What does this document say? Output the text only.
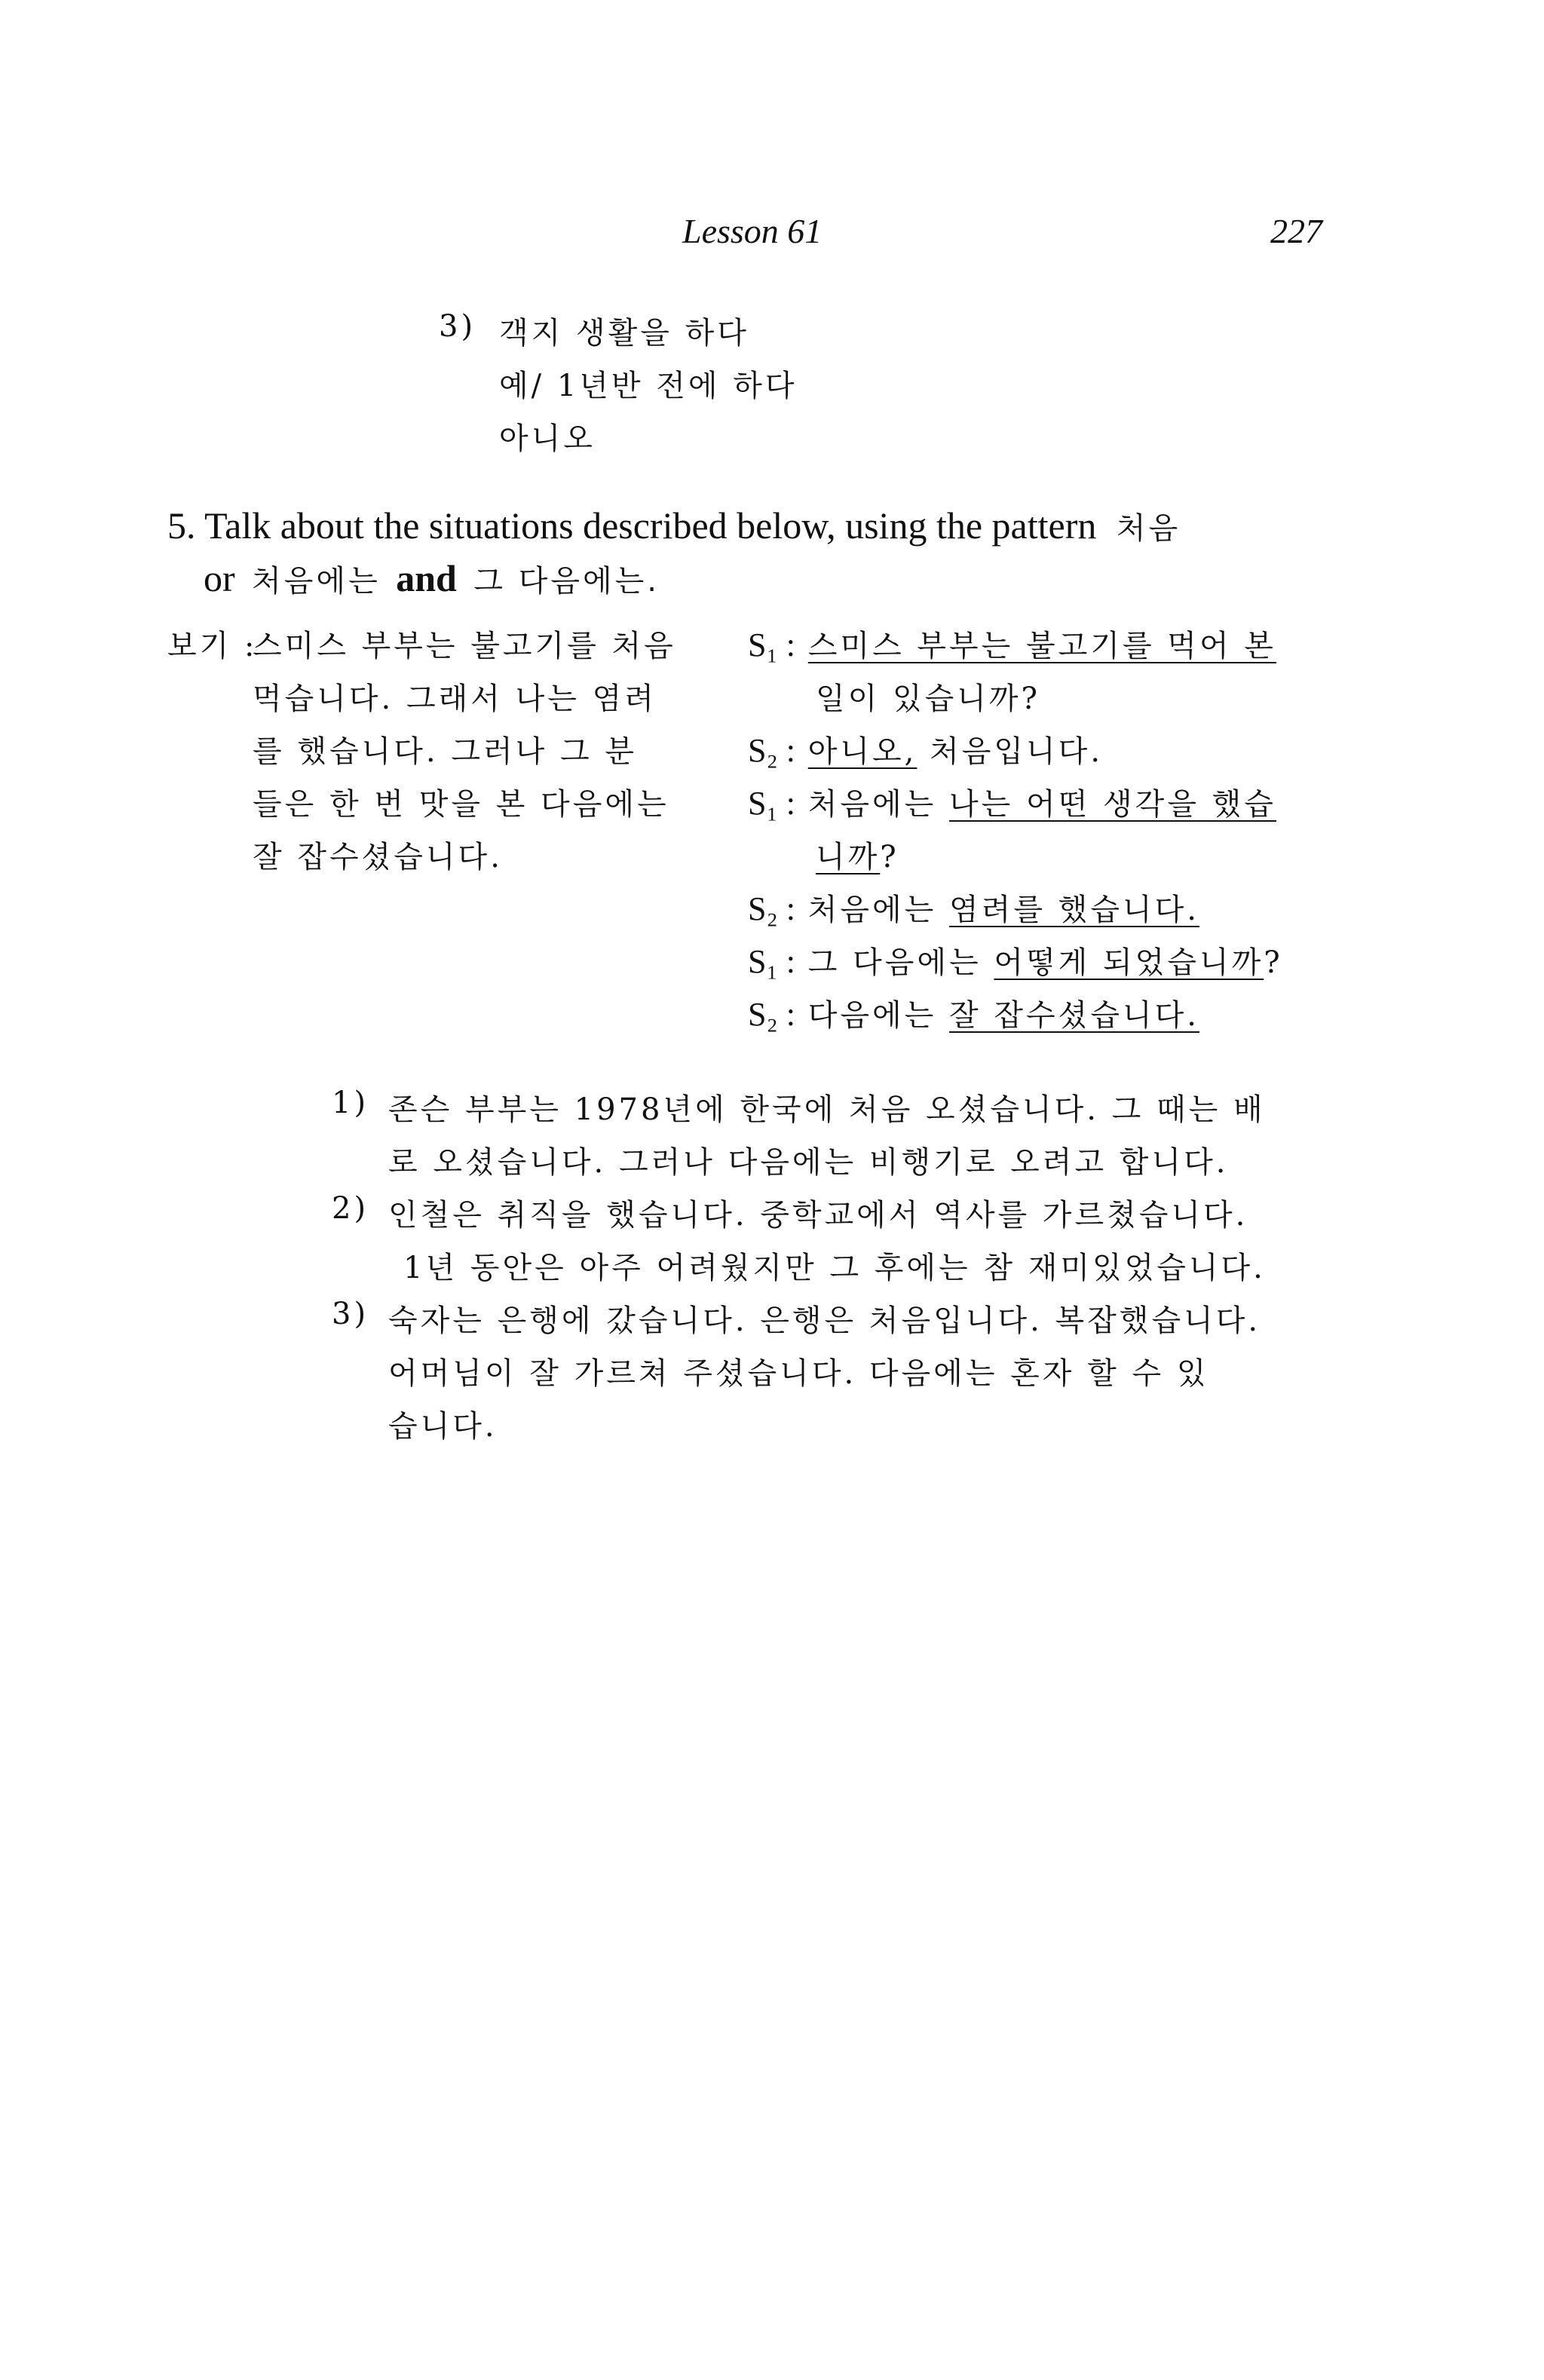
Lesson 61	227
3) 객지 생활을 하다
예/ 1년반 전에 하다
아니오
5. Talk about the situations described below, using the pattern 처음
or 처음에는 and 그 다음에는.
보기 :
스미스 부부는 불고기를 처음
먹습니다. 그래서 나는 염려
를 했습니다. 그러나 그 분
들은 한 번 맛을 본 다음에는
잘 잡수셨습니다.
S₁ : 스미스 부부는 불고기를 먹어 본
일이 있습니까?
S₂ : 아니오, 처음입니다.
S₁ : 처음에는 나는 어떤 생각을 했습
니까?
S₂ : 처음에는 염려를 했습니다.
S₁ : 그 다음에는 어떻게 되었습니까?
S₂ : 다음에는 잘 잡수셨습니다.
1) 존슨 부부는 1978년에 한국에 처음 오셨습니다. 그 때는 배
로 오셨습니다. 그러나 다음에는 비행기로 오려고 합니다.
2) 인철은 취직을 했습니다. 중학교에서 역사를 가르쳤습니다.
1년 동안은 아주 어려웠지만 그 후에는 참 재미있었습니다.
3) 숙자는 은행에 갔습니다. 은행은 처음입니다. 복잡했습니다.
어머님이 잘 가르쳐 주셨습니다. 다음에는 혼자 할 수 있
습니다.
